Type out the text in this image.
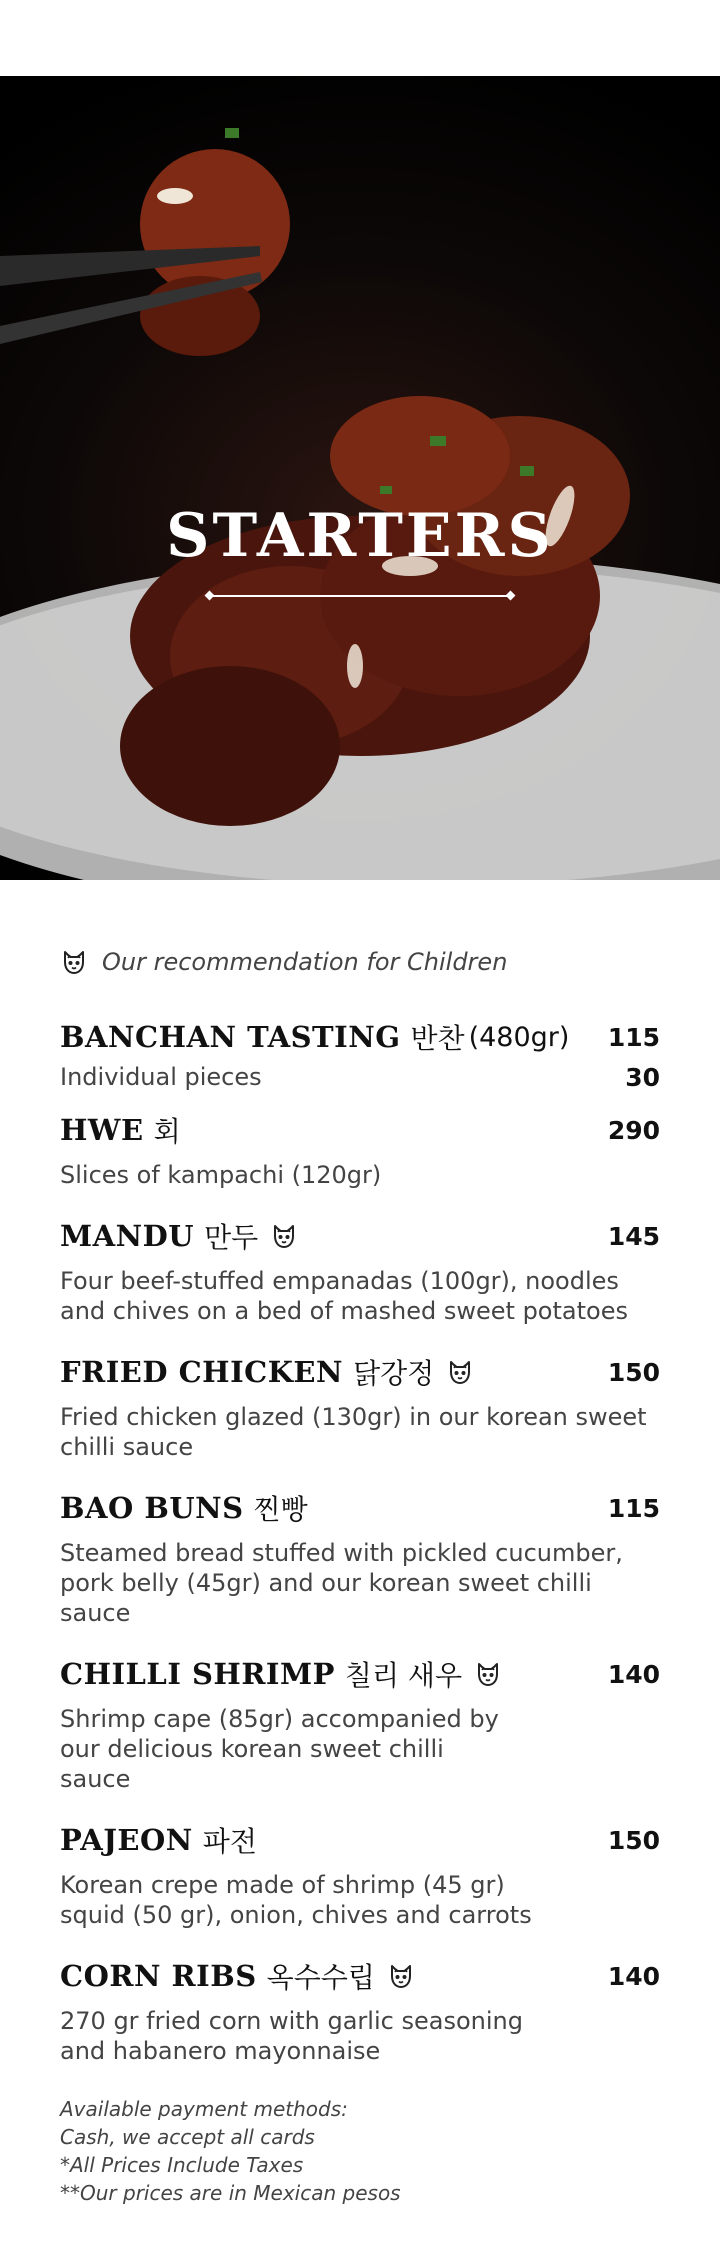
STARTERS
Our recommendation for Children
BANCHAN TASTING 반찬 (480gr) 115
Individual pieces	30
HWE 회	290
Slices of kampachi (120gr)
MANDU 만두	145
Four beef-stuffed empanadas (100gr), noodles and chives on a bed of mashed sweet potatoes
FRIED CHICKEN 닭강정	150
Fried chicken glazed (130gr) in our korean sweet chilli sauce
BAO BUNS 찐빵	115
Steamed bread stuffed with pickled cucumber, pork belly (45gr) and our korean sweet chilli sauce
CHILLI SHRIMP 칠리 새우	140
Shrimp cape (85gr) accompanied by our delicious korean sweet chilli sauce
PAJEON 파전	150
Korean crepe made of shrimp (45 gr) squid (50 gr), onion, chives and carrots
CORN RIBS 옥수수립	140
270 gr fried corn with garlic seasoning and habanero mayonnaise
Available payment methods:
Cash, we accept all cards
*All Prices Include Taxes
**Our prices are in Mexican pesos
